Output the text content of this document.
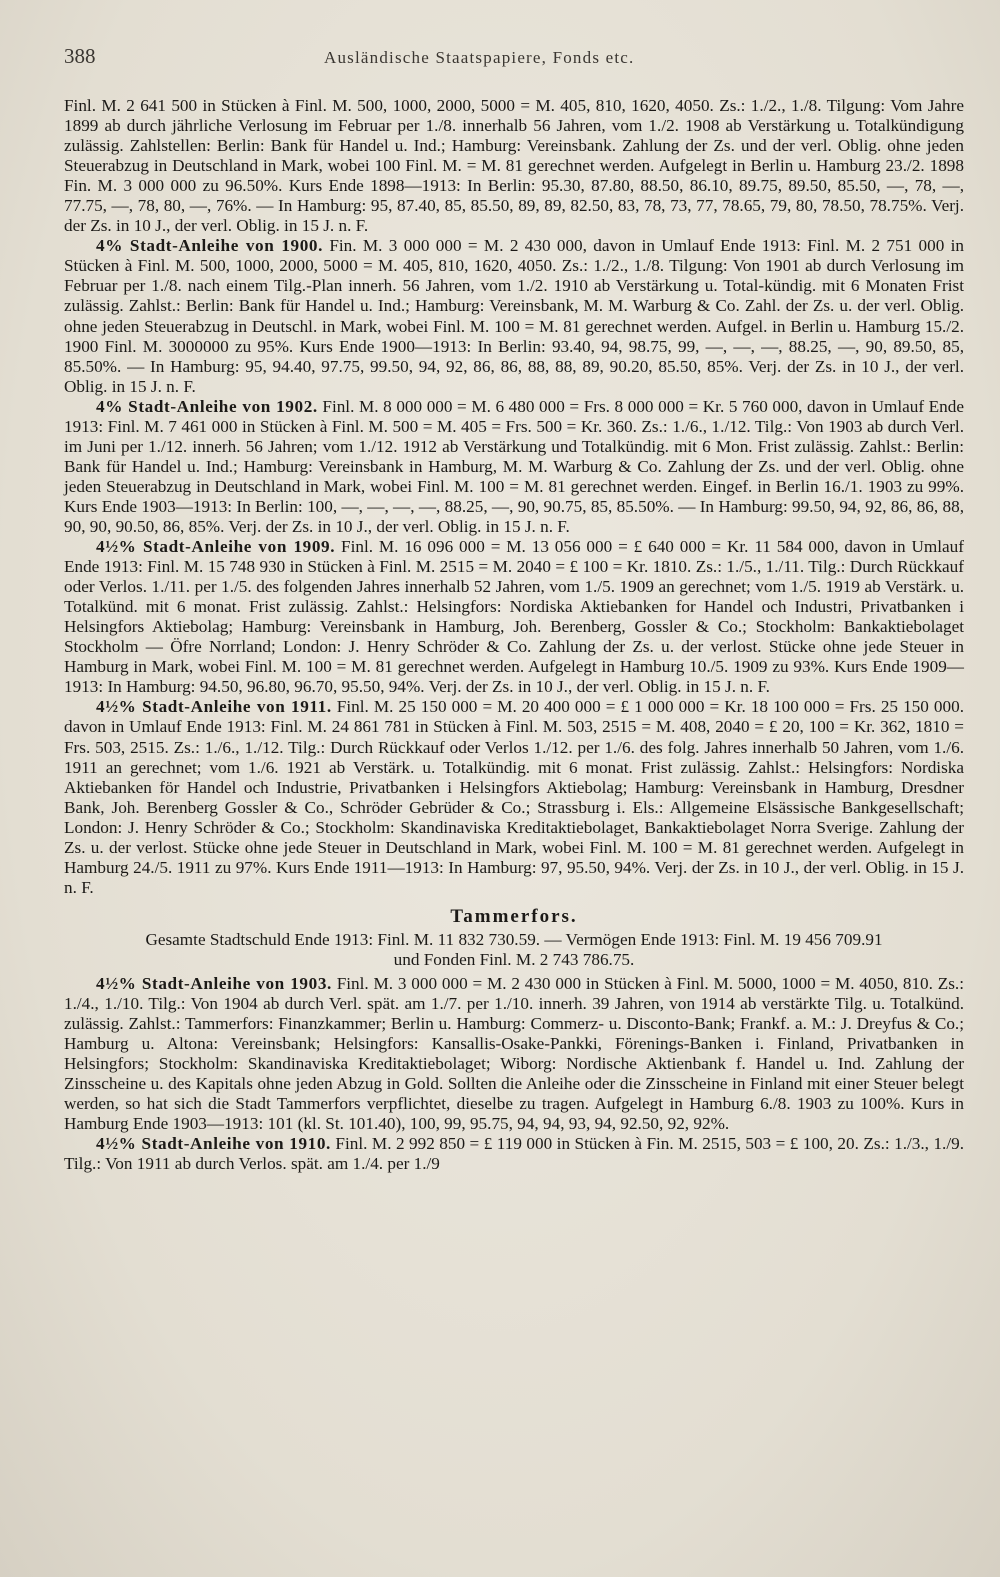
388	Ausländische Staatspapiere, Fonds etc.

Finl. M. 2 641 500 in Stücken à Finl. M. 500, 1000, 2000, 5000 = M. 405, 810, 1620, 4050. Zs.: 1./2., 1./8. Tilgung: Vom Jahre 1899 ab durch jährliche Verlosung im Februar per 1./8. innerhalb 56 Jahren, vom 1./2. 1908 ab Verstärkung u. Totalkündigung zulässig. Zahlstellen: Berlin: Bank für Handel u. Ind.; Hamburg: Vereinsbank. Zahlung der Zs. und der verl. Oblig. ohne jeden Steuerabzug in Deutschland in Mark, wobei 100 Finl. M. = M. 81 gerechnet werden. Aufgelegt in Berlin u. Hamburg 23./2. 1898 Fin. M. 3 000 000 zu 96.50%. Kurs Ende 1898—1913: In Berlin: 95.30, 87.80, 88.50, 86.10, 89.75, 89.50, 85.50, —, 78, —, 77.75, —, 78, 80, —, 76%. — In Hamburg: 95, 87.40, 85, 85.50, 89, 89, 82.50, 83, 78, 73, 77, 78.65, 79, 80, 78.50, 78.75%. Verj. der Zs. in 10 J., der verl. Oblig. in 15 J. n. F.

4% Stadt-Anleihe von 1900. Fin. M. 3 000 000 = M. 2 430 000, davon in Umlauf Ende 1913: Finl. M. 2 751 000 in Stücken à Finl. M. 500, 1000, 2000, 5000 = M. 405, 810, 1620, 4050. Zs.: 1./2., 1./8. Tilgung: Von 1901 ab durch Verlosung im Februar per 1./8. nach einem Tilg.-Plan innerh. 56 Jahren, vom 1./2. 1910 ab Verstärkung u. Total-kündig. mit 6 Monaten Frist zulässig. Zahlst.: Berlin: Bank für Handel u. Ind.; Hamburg: Vereinsbank, M. M. Warburg & Co. Zahl. der Zs. u. der verl. Oblig. ohne jeden Steuerabzug in Deutschl. in Mark, wobei Finl. M. 100 = M. 81 gerechnet werden. Aufgel. in Berlin u. Hamburg 15./2. 1900 Finl. M. 3000000 zu 95%. Kurs Ende 1900—1913: In Berlin: 93.40, 94, 98.75, 99, —, —, —, 88.25, —, 90, 89.50, 85, 85.50%. — In Hamburg: 95, 94.40, 97.75, 99.50, 94, 92, 86, 86, 88, 88, 89, 90.20, 85.50, 85%. Verj. der Zs. in 10 J., der verl. Oblig. in 15 J. n. F.

4% Stadt-Anleihe von 1902. Finl. M. 8 000 000 = M. 6 480 000 = Frs. 8 000 000 = Kr. 5 760 000, davon in Umlauf Ende 1913: Finl. M. 7 461 000 in Stücken à Finl. M. 500 = M. 405 = Frs. 500 = Kr. 360. Zs.: 1./6., 1./12. Tilg.: Von 1903 ab durch Verl. im Juni per 1./12. innerh. 56 Jahren; vom 1./12. 1912 ab Verstärkung und Totalkündig. mit 6 Mon. Frist zulässig. Zahlst.: Berlin: Bank für Handel u. Ind.; Hamburg: Vereinsbank in Hamburg, M. M. Warburg & Co. Zahlung der Zs. und der verl. Oblig. ohne jeden Steuerabzug in Deutschland in Mark, wobei Finl. M. 100 = M. 81 gerechnet werden. Eingef. in Berlin 16./1. 1903 zu 99%. Kurs Ende 1903—1913: In Berlin: 100, —, —, —, —, 88.25, —, 90, 90.75, 85, 85.50%. — In Hamburg: 99.50, 94, 92, 86, 86, 88, 90, 90, 90.50, 86, 85%. Verj. der Zs. in 10 J., der verl. Oblig. in 15 J. n. F.

4½% Stadt-Anleihe von 1909. Finl. M. 16 096 000 = M. 13 056 000 = £ 640 000 = Kr. 11 584 000, davon in Umlauf Ende 1913: Finl. M. 15 748 930 in Stücken à Finl. M. 2515 = M. 2040 = £ 100 = Kr. 1810. Zs.: 1./5., 1./11. Tilg.: Durch Rückkauf oder Verlos. 1./11. per 1./5. des folgenden Jahres innerhalb 52 Jahren, vom 1./5. 1909 an gerechnet; vom 1./5. 1919 ab Verstärk. u. Totalkünd. mit 6 monat. Frist zulässig. Zahlst.: Helsingfors: Nordiska Aktiebanken for Handel och Industri, Privatbanken i Helsingfors Aktiebolag; Hamburg: Vereinsbank in Hamburg, Joh. Berenberg, Gossler & Co.; Stockholm: Bankaktiebolaget Stockholm — Öfre Norrland; London: J. Henry Schröder & Co. Zahlung der Zs. u. der verlost. Stücke ohne jede Steuer in Hamburg in Mark, wobei Finl. M. 100 = M. 81 gerechnet werden. Aufgelegt in Hamburg 10./5. 1909 zu 93%. Kurs Ende 1909—1913: In Hamburg: 94.50, 96.80, 96.70, 95.50, 94%. Verj. der Zs. in 10 J., der verl. Oblig. in 15 J. n. F.

4½% Stadt-Anleihe von 1911. Finl. M. 25 150 000 = M. 20 400 000 = £ 1 000 000 = Kr. 18 100 000 = Frs. 25 150 000. davon in Umlauf Ende 1913: Finl. M. 24 861 781 in Stücken à Finl. M. 503, 2515 = M. 408, 2040 = £ 20, 100 = Kr. 362, 1810 = Frs. 503, 2515. Zs.: 1./6., 1./12. Tilg.: Durch Rückkauf oder Verlos 1./12. per 1./6. des folg. Jahres innerhalb 50 Jahren, vom 1./6. 1911 an gerechnet; vom 1./6. 1921 ab Verstärk. u. Totalkündig. mit 6 monat. Frist zulässig. Zahlst.: Helsingfors: Nordiska Aktiebanken för Handel och Industrie, Privatbanken i Helsingfors Aktiebolag; Hamburg: Vereinsbank in Hamburg, Dresdner Bank, Joh. Berenberg Gossler & Co., Schröder Gebrüder & Co.; Strassburg i. Els.: Allgemeine Elsässische Bankgesellschaft; London: J. Henry Schröder & Co.; Stockholm: Skandinaviska Kreditaktiebolaget, Bankaktiebolaget Norra Sverige. Zahlung der Zs. u. der verlost. Stücke ohne jede Steuer in Deutschland in Mark, wobei Finl. M. 100 = M. 81 gerechnet werden. Aufgelegt in Hamburg 24./5. 1911 zu 97%. Kurs Ende 1911—1913: In Hamburg: 97, 95.50, 94%. Verj. der Zs. in 10 J., der verl. Oblig. in 15 J. n. F.

Tammerfors.
Gesamte Stadtschuld Ende 1913: Finl. M. 11 832 730.59. — Vermögen Ende 1913: Finl. M. 19 456 709.91
und Fonden Finl. M. 2 743 786.75.

4½% Stadt-Anleihe von 1903. Finl. M. 3 000 000 = M. 2 430 000 in Stücken à Finl. M. 5000, 1000 = M. 4050, 810. Zs.: 1./4., 1./10. Tilg.: Von 1904 ab durch Verl. spät. am 1./7. per 1./10. innerh. 39 Jahren, von 1914 ab verstärkte Tilg. u. Totalkünd. zulässig. Zahlst.: Tammerfors: Finanzkammer; Berlin u. Hamburg: Commerz- u. Disconto-Bank; Frankf. a. M.: J. Dreyfus & Co.; Hamburg u. Altona: Vereinsbank; Helsingfors: Kansallis-Osake-Pankki, Förenings-Banken i. Finland, Privatbanken in Helsingfors; Stockholm: Skandinaviska Kreditaktiebolaget; Wiborg: Nordische Aktienbank f. Handel u. Ind. Zahlung der Zinsscheine u. des Kapitals ohne jeden Abzug in Gold. Sollten die Anleihe oder die Zinsscheine in Finland mit einer Steuer belegt werden, so hat sich die Stadt Tammerfors verpflichtet, dieselbe zu tragen. Aufgelegt in Hamburg 6./8. 1903 zu 100%. Kurs in Hamburg Ende 1903—1913: 101 (kl. St. 101.40), 100, 99, 95.75, 94, 94, 93, 94, 92.50, 92, 92%.

4½% Stadt-Anleihe von 1910. Finl. M. 2 992 850 = £ 119 000 in Stücken à Fin. M. 2515, 503 = £ 100, 20. Zs.: 1./3., 1./9. Tilg.: Von 1911 ab durch Verlos. spät. am 1./4. per 1./9
